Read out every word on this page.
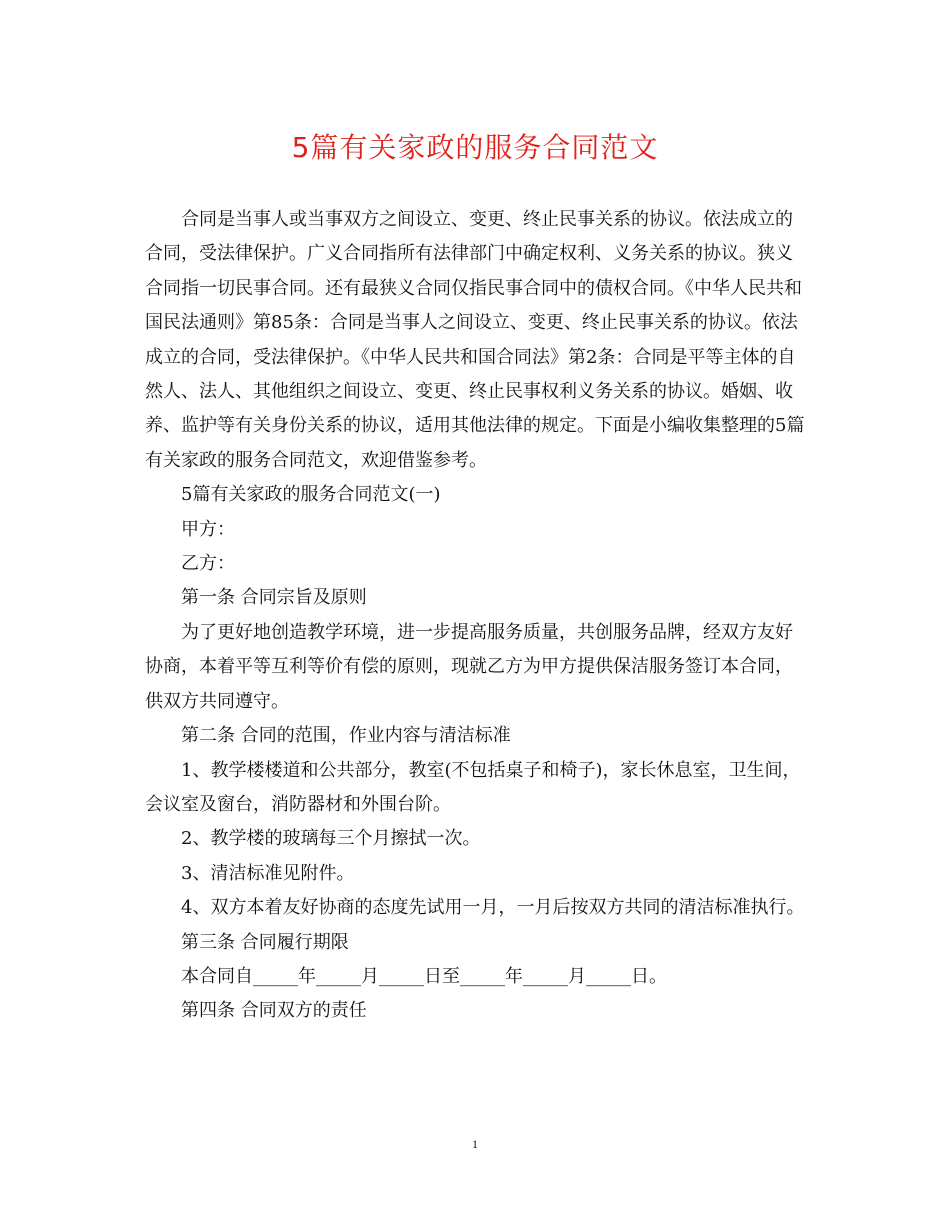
5篇有关家政的服务合同范文

合同是当事人或当事双方之间设立、变更、终止民事关系的协议。依法成立的合同，受法律保护。广义合同指所有法律部门中确定权利、义务关系的协议。狭义合同指一切民事合同。还有最狭义合同仅指民事合同中的债权合同。《中华人民共和国民法通则》第85条：合同是当事人之间设立、变更、终止民事关系的协议。依法成立的合同，受法律保护。《中华人民共和国合同法》第2条：合同是平等主体的自然人、法人、其他组织之间设立、变更、终止民事权利义务关系的协议。婚姻、收养、监护等有关身份关系的协议，适用其他法律的规定。下面是小编收集整理的5篇有关家政的服务合同范文，欢迎借鉴参考。

5篇有关家政的服务合同范文(一)

甲方：

乙方：

第一条 合同宗旨及原则

为了更好地创造教学环境，进一步提高服务质量，共创服务品牌，经双方友好协商，本着平等互利等价有偿的原则，现就乙方为甲方提供保洁服务签订本合同，供双方共同遵守。

第二条 合同的范围，作业内容与清洁标准

1、教学楼楼道和公共部分，教室(不包括桌子和椅子)，家长休息室，卫生间，会议室及窗台，消防器材和外围台阶。

2、教学楼的玻璃每三个月擦拭一次。

3、清洁标准见附件。

4、双方本着友好协商的态度先试用一月，一月后按双方共同的清洁标准执行。

第三条 合同履行期限

本合同自_____年_____月_____日至_____年_____月_____日。

第四条 合同双方的责任

1
